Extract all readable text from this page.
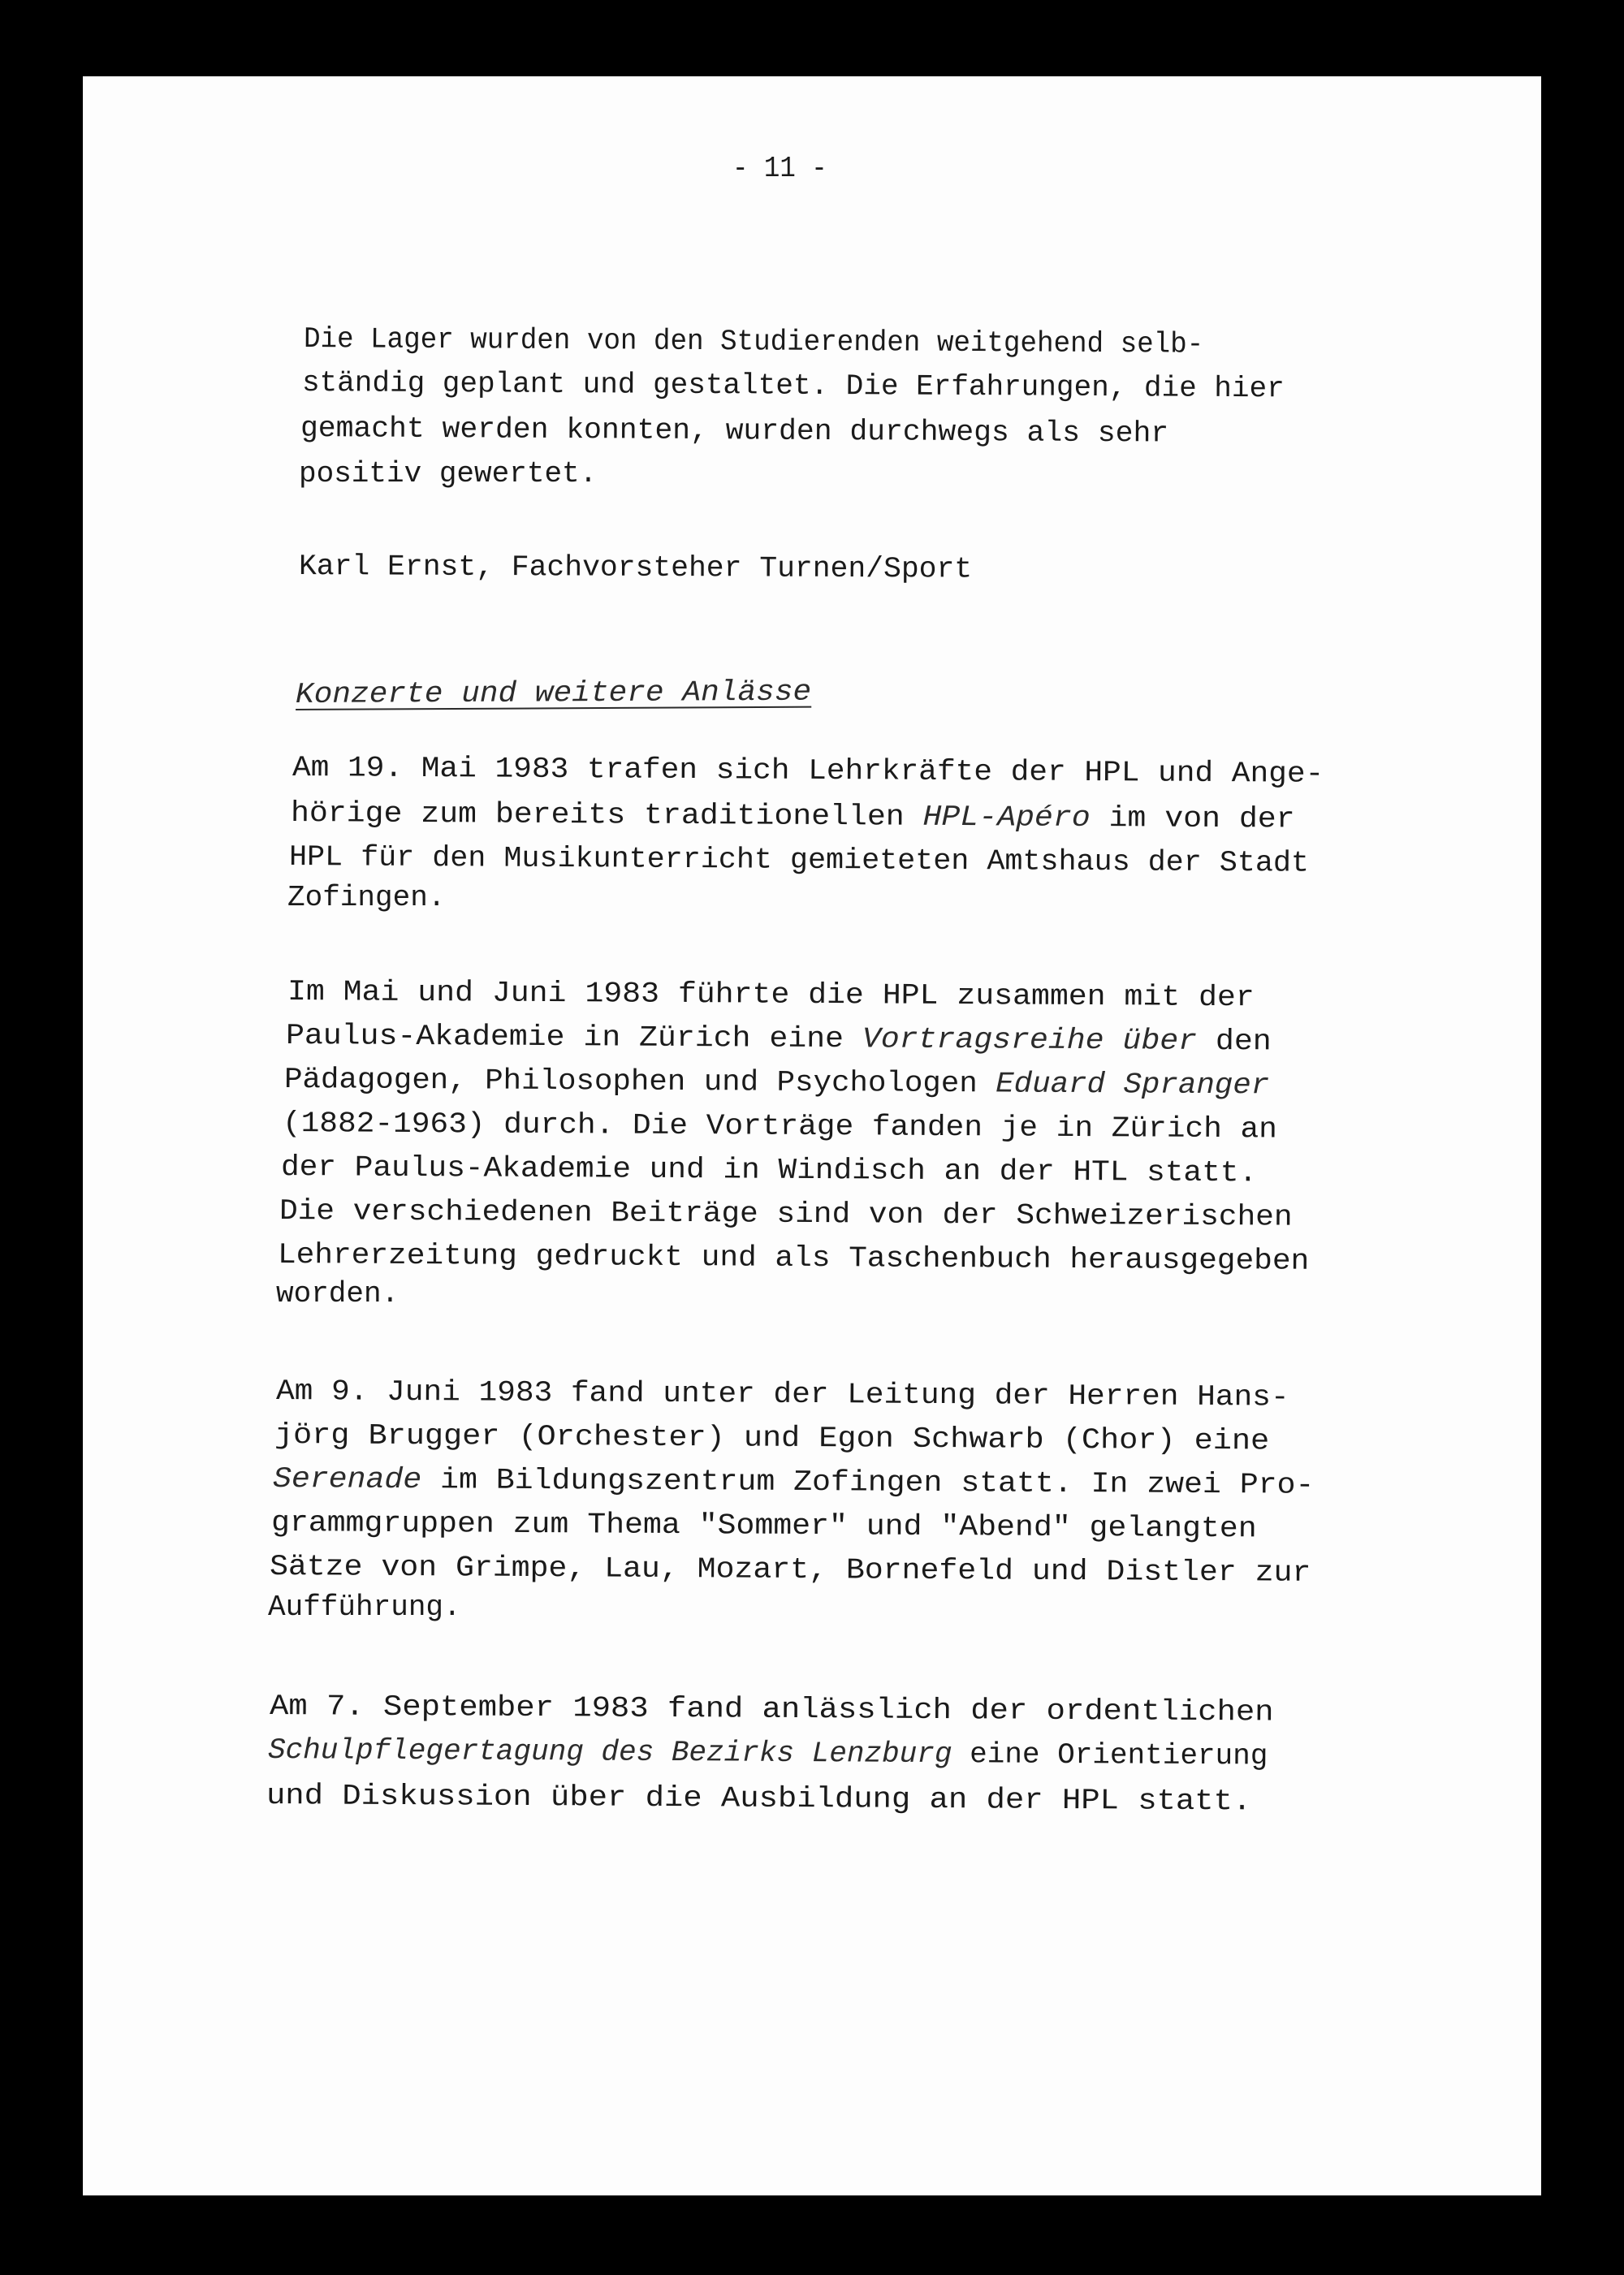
- 11 -

Die Lager wurden von den Studierenden weitgehend selb-

ständig geplant und gestaltet. Die Erfahrungen, die hier

gemacht werden konnten, wurden durchwegs als sehr

positiv gewertet.

Karl Ernst, Fachvorsteher Turnen/Sport

Konzerte und weitere Anlässe

Am 19. Mai 1983 trafen sich Lehrkräfte der HPL und Ange-

hörige zum bereits traditionellen HPL-Apéro im von der

HPL für den Musikunterricht gemieteten Amtshaus der Stadt

Zofingen.

Im Mai und Juni 1983 führte die HPL zusammen mit der

Paulus-Akademie in Zürich eine Vortragsreihe über den

Pädagogen, Philosophen und Psychologen Eduard Spranger

(1882-1963) durch. Die Vorträge fanden je in Zürich an

der Paulus-Akademie und in Windisch an der HTL statt.

Die verschiedenen Beiträge sind von der Schweizerischen

Lehrerzeitung gedruckt und als Taschenbuch herausgegeben

worden.

Am 9. Juni 1983 fand unter der Leitung der Herren Hans-

jörg Brugger (Orchester) und Egon Schwarb (Chor) eine

Serenade im Bildungszentrum Zofingen statt. In zwei Pro-

grammgruppen zum Thema "Sommer" und "Abend" gelangten

Sätze von Grimpe, Lau, Mozart, Bornefeld und Distler zur

Aufführung.

Am 7. September 1983 fand anlässlich der ordentlichen

Schulpflegertagung des Bezirks Lenzburg eine Orientierung

und Diskussion über die Ausbildung an der HPL statt.
